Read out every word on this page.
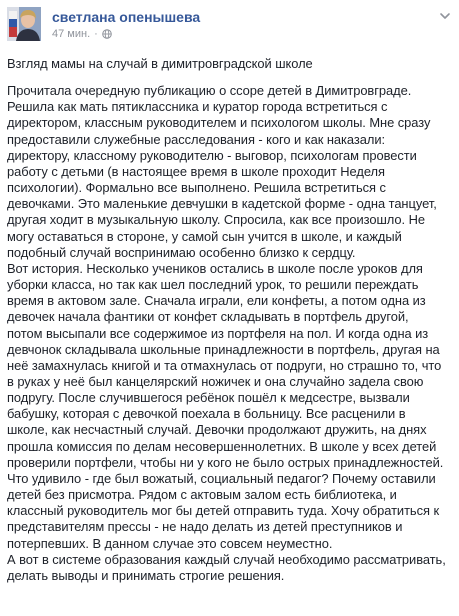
светлана опенышева
47 мин. ·

Взгляд мамы на случай в димитровградской школе

Прочитала очередную публикацию о ссоре детей в Димитровграде. Решила как мать пятиклассника и куратор города встретиться с директором, классным руководителем и психологом школы. Мне сразу предоставили служебные расследования - кого и как наказали: директору, классному руководителю - выговор, психологам провести работу с детьми (в настоящее время в школе проходит Неделя психологии). Формально все выполнено. Решила встретиться с девочками. Это маленькие девчушки в кадетской форме - одна танцует, другая ходит в музыкальную школу. Спросила, как все произошло. Не могу оставаться в стороне, у самой сын учится в школе, и каждый подобный случай воспринимаю особенно близко к сердцу.

Вот история. Несколько учеников остались в школе после уроков для уборки класса, но так как шел последний урок, то решили переждать время в актовом зале. Сначала играли, ели конфеты, а потом одна из девочек начала фантики от конфет складывать в портфель другой, потом высыпали все содержимое из портфеля на пол. И когда одна из девчонок складывала школьные принадлежности в портфель, другая на неё замахнулась книгой и та отмахнулась от подруги, но страшно то, что в руках у неё был канцелярский ножичек и она случайно задела свою подругу. После случившегося ребёнок пошёл к медсестре, вызвали бабушку, которая с девочкой поехала в больницу. Все расценили в школе, как несчастный случай. Девочки продолжают дружить, на днях прошла комиссия по делам несовершеннолетних. В школе у всех детей проверили портфели, чтобы ни у кого не было острых принадлежностей. Что удивило - где был вожатый, социальный педагог? Почему оставили детей без присмотра. Рядом с актовым залом есть библиотека, и классный руководитель мог бы детей отправить туда. Хочу обратиться к представителям прессы - не надо делать из детей преступников и потерпевших. В данном случае это совсем неуместно.

А вот в системе образования каждый случай необходимо рассматривать, делать выводы и принимать строгие решения.
